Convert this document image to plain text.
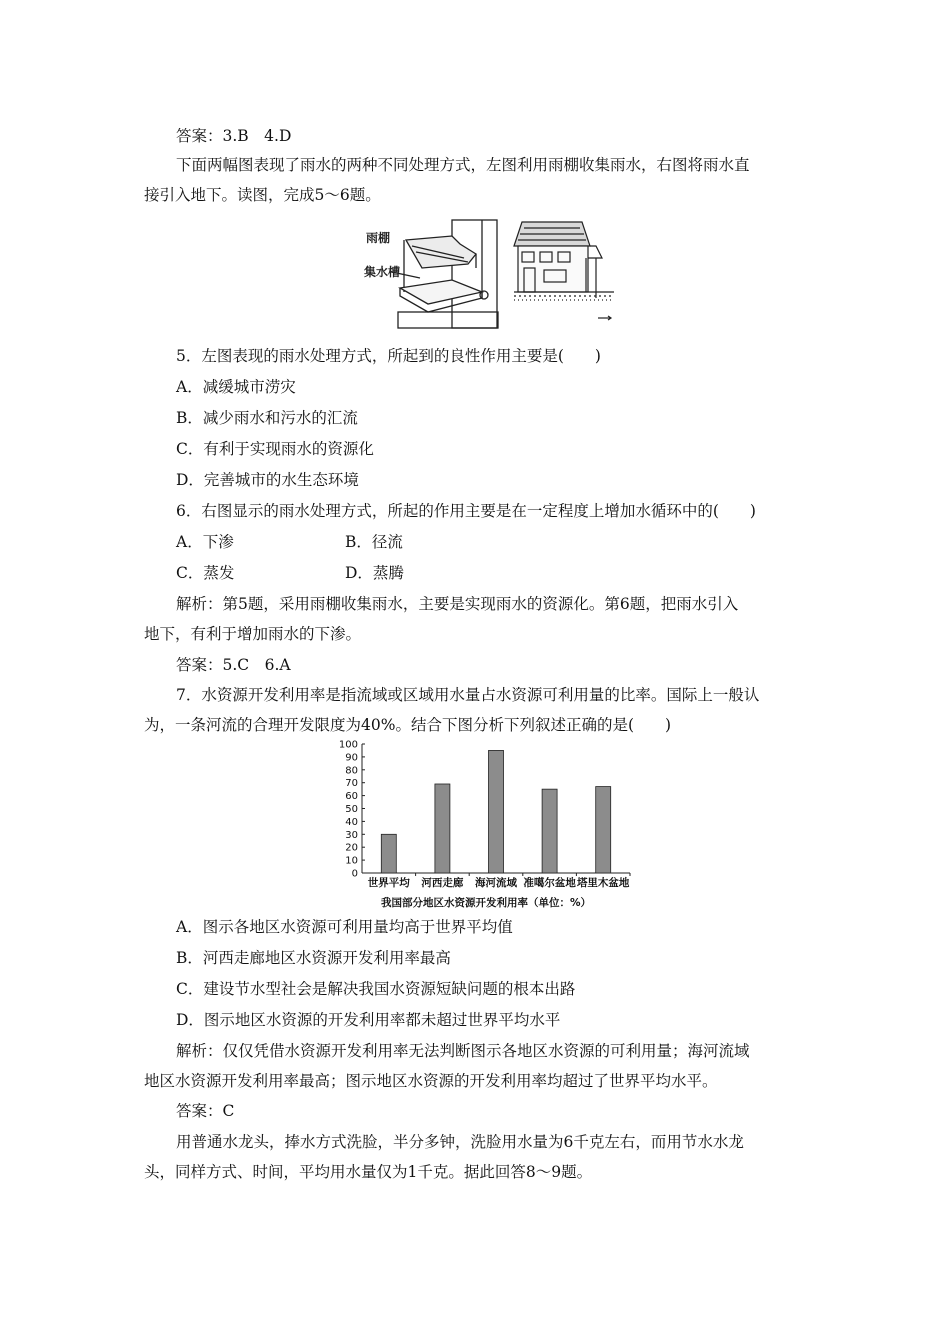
答案：3.B　4.D
下面两幅图表现了雨水的两种不同处理方式，左图利用雨棚收集雨水，右图将雨水直
接引入地下。读图，完成5～6题。
雨棚
集水槽
5．左图表现的雨水处理方式，所起到的良性作用主要是(　　)
A．减缓城市涝灾
B．减少雨水和污水的汇流
C．有利于实现雨水的资源化
D．完善城市的水生态环境
6．右图显示的雨水处理方式，所起的作用主要是在一定程度上增加水循环中的(　　)
A．下渗	B．径流
C．蒸发	D．蒸腾
解析：第5题，采用雨棚收集雨水，主要是实现雨水的资源化。第6题，把雨水引入
地下，有利于增加雨水的下渗。
答案：5.C　6.A
7．水资源开发利用率是指流域或区域用水量占水资源可利用量的比率。国际上一般认
为，一条河流的合理开发限度为40%。结合下图分析下列叙述正确的是(　　)
0
10
20
30
40
50
60
70
80
90
100
世界平均 河西走廊 海河流域 准噶尔盆地 塔里木盆地
我国部分地区水资源开发利用率（单位：%）
A．图示各地区水资源可利用量均高于世界平均值
B．河西走廊地区水资源开发利用率最高
C．建设节水型社会是解决我国水资源短缺问题的根本出路
D．图示地区水资源的开发利用率都未超过世界平均水平
解析：仅仅凭借水资源开发利用率无法判断图示各地区水资源的可利用量；海河流域
地区水资源开发利用率最高；图示地区水资源的开发利用率均超过了世界平均水平。
答案：C
用普通水龙头，捧水方式洗脸，半分多钟，洗脸用水量为6千克左右，而用节水水龙
头，同样方式、时间，平均用水量仅为1千克。据此回答8～9题。
